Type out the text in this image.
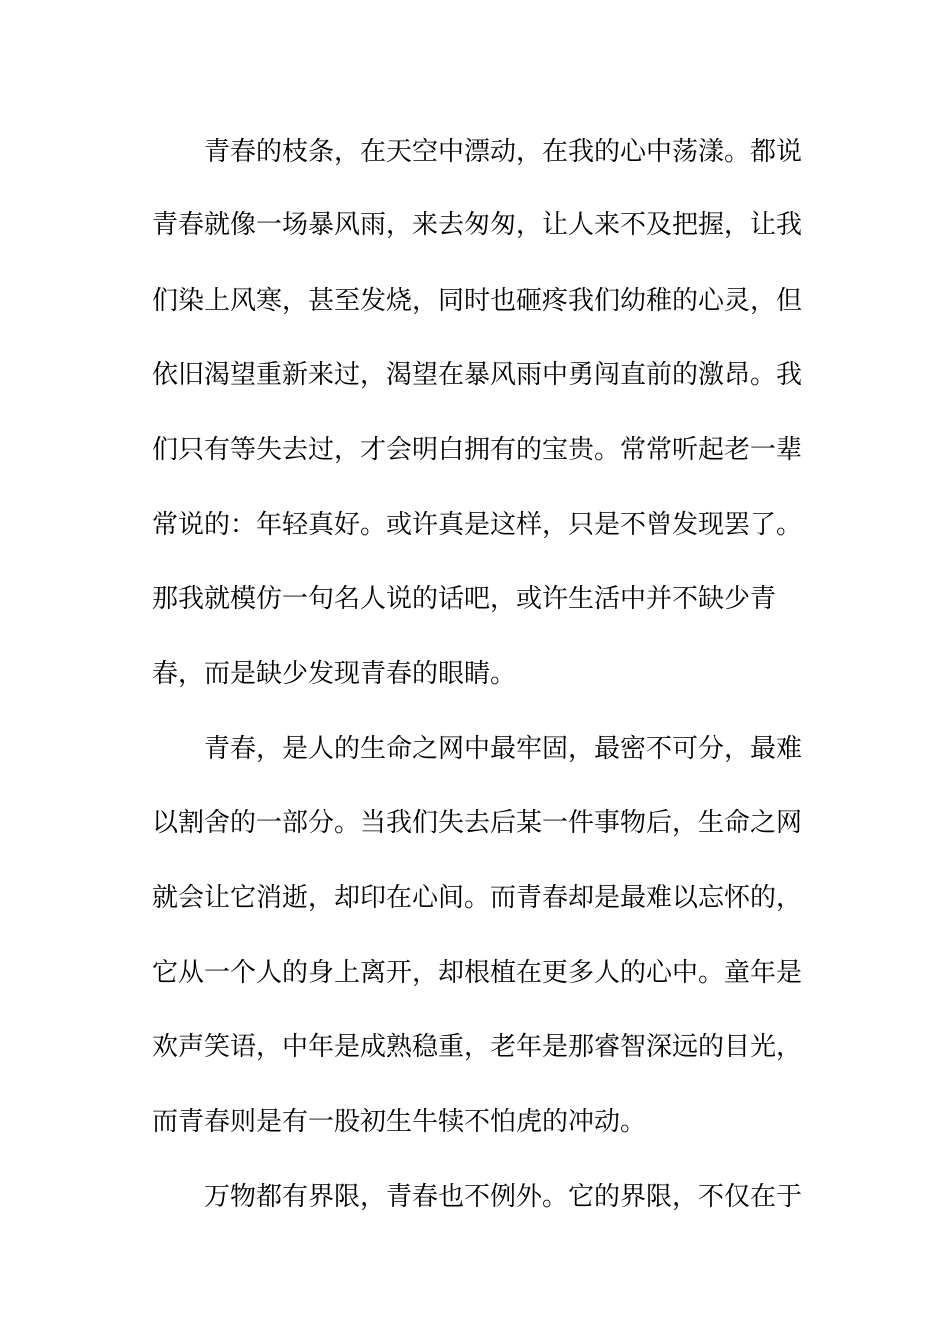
青春的枝条，在天空中漂动，在我的心中荡漾。都说
青春就像一场暴风雨，来去匆匆，让人来不及把握，让我
们染上风寒，甚至发烧，同时也砸疼我们幼稚的心灵，但
依旧渴望重新来过，渴望在暴风雨中勇闯直前的激昂。我
们只有等失去过，才会明白拥有的宝贵。常常听起老一辈
常说的：年轻真好。或许真是这样，只是不曾发现罢了。
那我就模仿一句名人说的话吧，或许生活中并不缺少青
春，而是缺少发现青春的眼睛。
青春，是人的生命之网中最牢固，最密不可分，最难
以割舍的一部分。当我们失去后某一件事物后，生命之网
就会让它消逝，却印在心间。而青春却是最难以忘怀的，
它从一个人的身上离开，却根植在更多人的心中。童年是
欢声笑语，中年是成熟稳重，老年是那睿智深远的目光，
而青春则是有一股初生牛犊不怕虎的冲动。
万物都有界限，青春也不例外。它的界限，不仅在于
